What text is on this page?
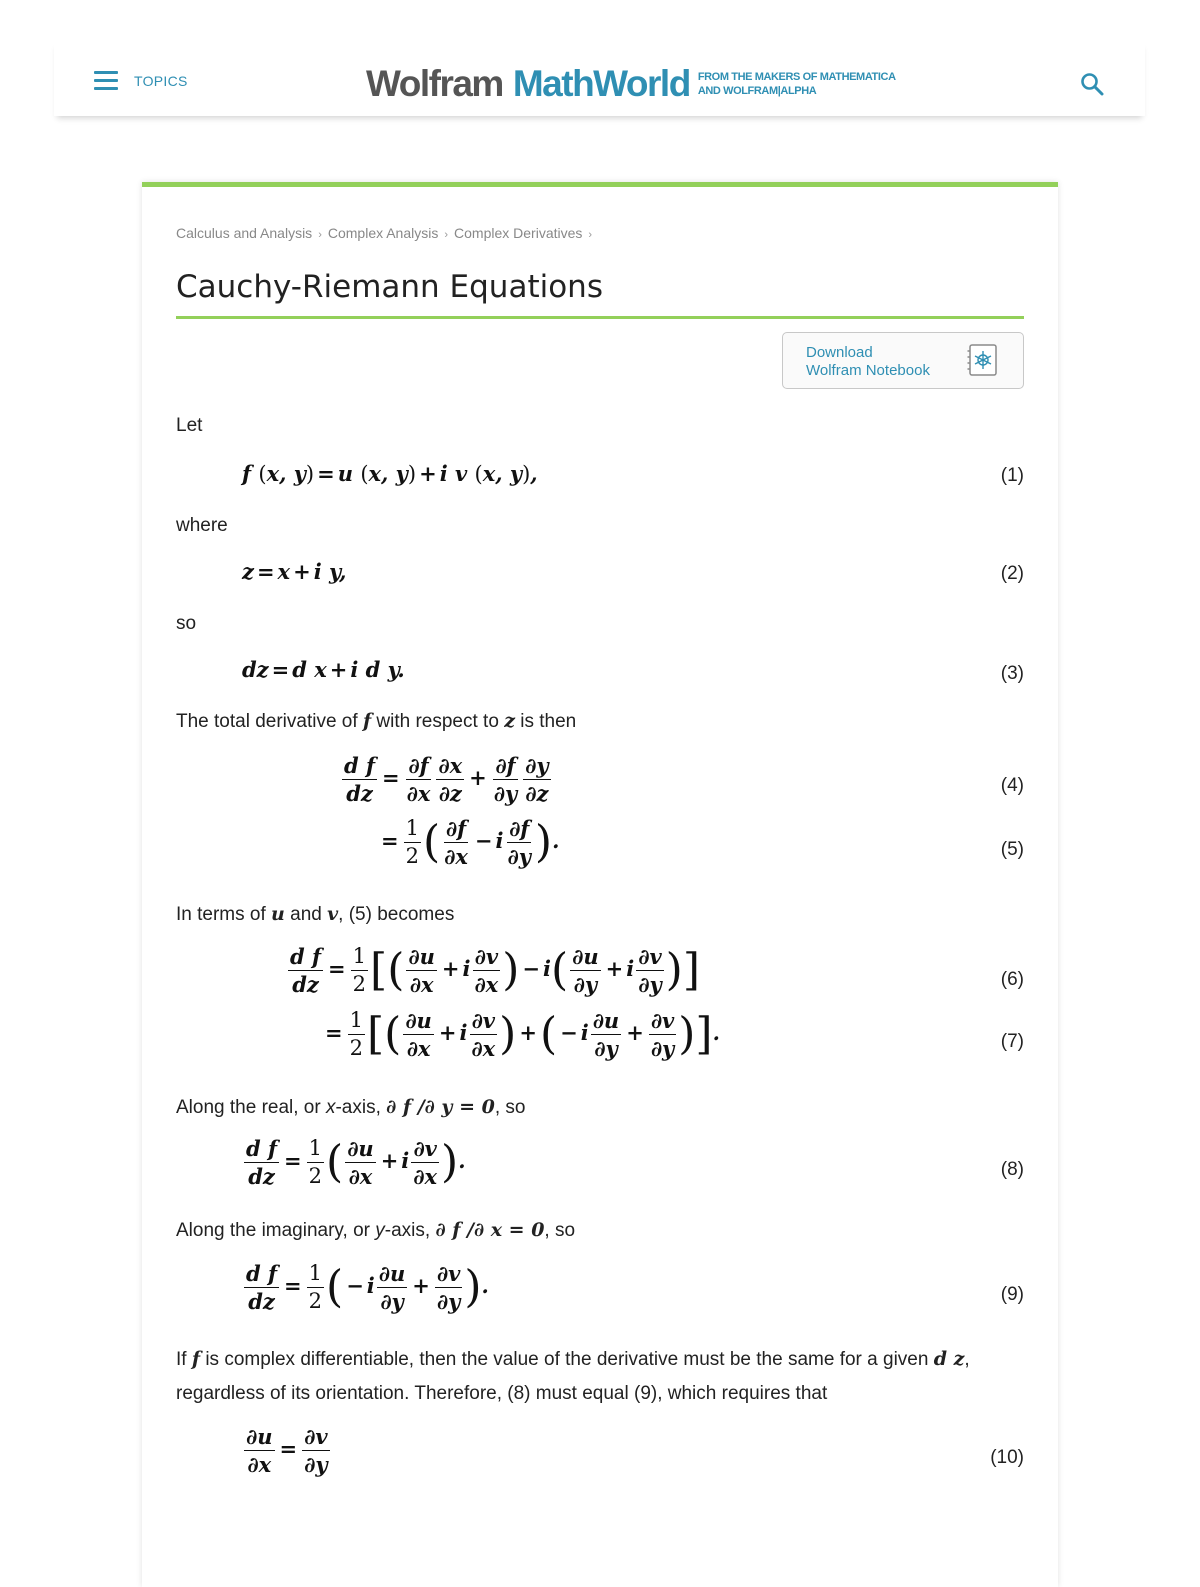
TOPICS	Wolfram MathWorld FROM THE MAKERS OF MATHEMATICA
AND WOLFRAM|ALPHA
Calculus and Analysis › Complex Analysis › Complex Derivatives ›
Cauchy-Riemann Equations
Download
Wolfram Notebook
Let
f (x, y) = u (x, y) + i v (x, y),	(1)
where
z = x + i y,	(2)
so
dz = d x + i d y.	(3)
The total derivative of f with respect to z is then
$\frac{\text{d f}}{dz} = \frac{\partial f}{\partial x} \frac{\partial x}{\partial z} + \frac{\partial f}{\partial y} \frac{\partial y}{\partial z}$	(4)
= $\frac{1}{2}$ ( $\frac{\partial f}{\partial x} - i \frac{\partial f}{\partial y}$ ).	(5)
In terms of u and v, (5) becomes
$\frac{\text{d f}}{dz} = \frac{1}{2}$ [( $\frac{\partial u}{\partial x} + i \frac{\partial v}{\partial x}$ ) − $i( \frac{\partial u}{\partial y} + i \frac{\partial v}{\partial y}$ )]	(6)
= $\frac{1}{2}$ [( $\frac{\partial u}{\partial x} + i \frac{\partial v}{\partial x}$ ) +( − i $\frac{\partial u}{\partial y} + \frac{\partial v}{\partial y}$ )].	(7)
Along the real, or x-axis, ∂ f /∂ y = 0, so
$\frac{\text{d f}}{dz} = \frac{1}{2}$ ( $\frac{\partial u}{\partial x} + i \frac{\partial v}{\partial x}$ ).	(8)
Along the imaginary, or y-axis, ∂ f /∂ x = 0, so
$\frac{\text{d f}}{dz} = \frac{1}{2}$ ( − i $\frac{\partial u}{\partial y} + \frac{\partial v}{\partial y}$ ).	(9)
If f is complex differentiable, then the value of the derivative must be the same for a given d z,
regardless of its orientation. Therefore, (8) must equal (9), which requires that
$\frac{\partial u}{\partial x} = \frac{\partial v}{\partial y}$	(10)
